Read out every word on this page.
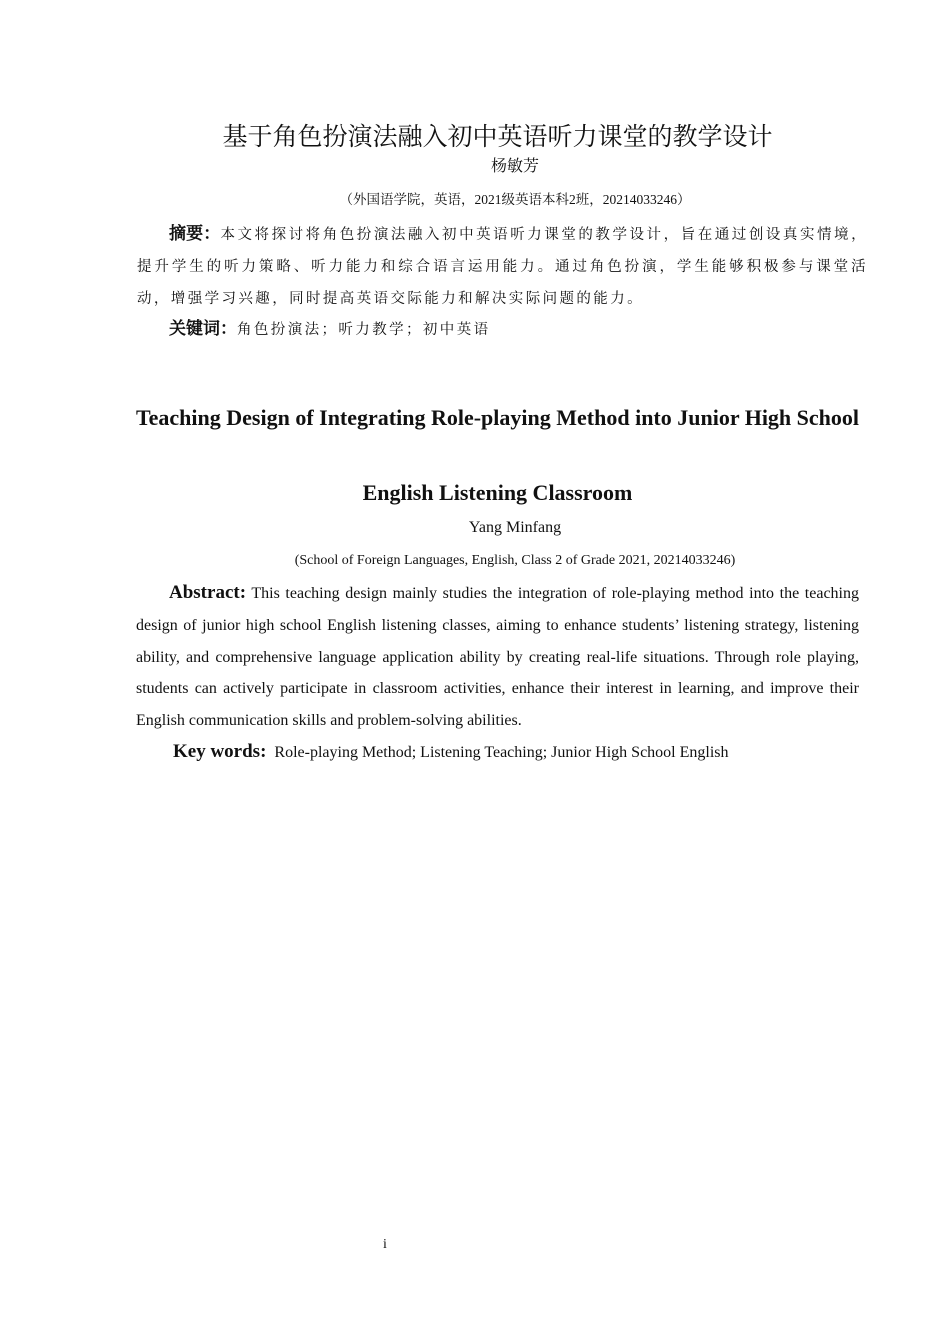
基于角色扮演法融入初中英语听力课堂的教学设计
杨敏芳
（外国语学院，英语，2021级英语本科2班，20214033246）
摘要：本文将探讨将角色扮演法融入初中英语听力课堂的教学设计，旨在通过创设真实情境，提升学生的听力策略、听力能力和综合语言运用能力。通过角色扮演，学生能够积极参与课堂活动，增强学习兴趣，同时提高英语交际能力和解决实际问题的能力。
关键词：角色扮演法；听力教学；初中英语
Teaching Design of Integrating Role-playing Method into Junior High School English Listening Classroom
Yang Minfang
(School of Foreign Languages, English, Class 2 of Grade 2021, 20214033246)
Abstract: This teaching design mainly studies the integration of role-playing method into the teaching design of junior high school English listening classes, aiming to enhance students’ listening strategy, listening ability, and comprehensive language application ability by creating real-life situations. Through role playing, students can actively participate in classroom activities, enhance their interest in learning, and improve their English communication skills and problem-solving abilities.
Key words: Role-playing Method; Listening Teaching; Junior High School English
i
